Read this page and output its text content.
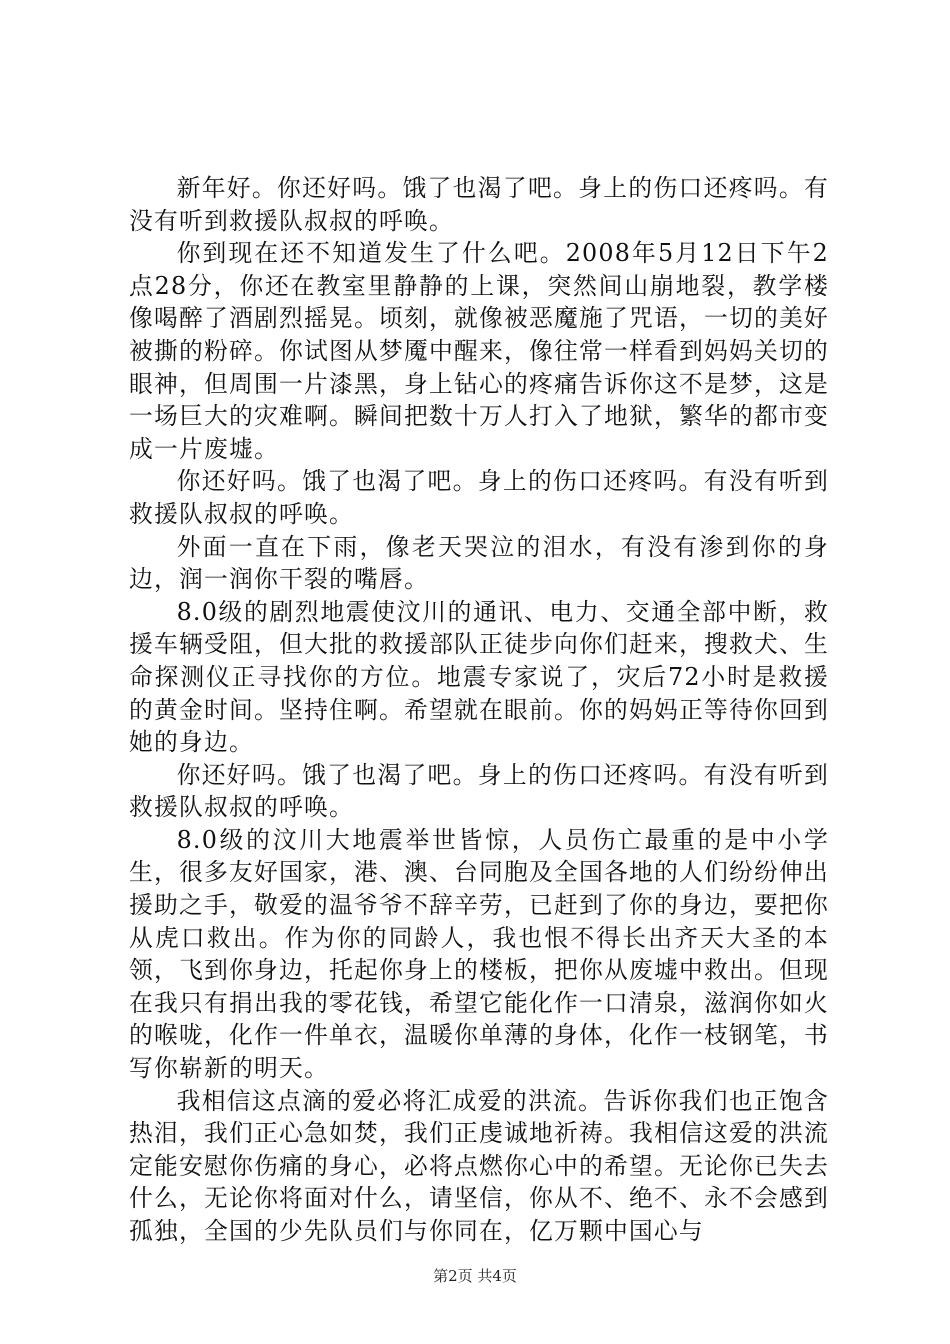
新年好。你还好吗。饿了也渴了吧。身上的伤口还疼吗。有没有听到救援队叔叔的呼唤。

你到现在还不知道发生了什么吧。2008年5月12日下午2点28分，你还在教室里静静的上课，突然间山崩地裂，教学楼像喝醉了酒剧烈摇晃。顷刻，就像被恶魔施了咒语，一切的美好被撕的粉碎。你试图从梦魇中醒来，像往常一样看到妈妈关切的眼神，但周围一片漆黑，身上钻心的疼痛告诉你这不是梦，这是一场巨大的灾难啊。瞬间把数十万人打入了地狱，繁华的都市变成一片废墟。

你还好吗。饿了也渴了吧。身上的伤口还疼吗。有没有听到救援队叔叔的呼唤。

外面一直在下雨，像老天哭泣的泪水，有没有渗到你的身边，润一润你干裂的嘴唇。

8.0级的剧烈地震使汶川的通讯、电力、交通全部中断，救援车辆受阻，但大批的救援部队正徒步向你们赶来，搜救犬、生命探测仪正寻找你的方位。地震专家说了，灾后72小时是救援的黄金时间。坚持住啊。希望就在眼前。你的妈妈正等待你回到她的身边。

你还好吗。饿了也渴了吧。身上的伤口还疼吗。有没有听到救援队叔叔的呼唤。

8.0级的汶川大地震举世皆惊，人员伤亡最重的是中小学生，很多友好国家，港、澳、台同胞及全国各地的人们纷纷伸出援助之手，敬爱的温爷爷不辞辛劳，已赶到了你的身边，要把你从虎口救出。作为你的同龄人，我也恨不得长出齐天大圣的本领，飞到你身边，托起你身上的楼板，把你从废墟中救出。但现在我只有捐出我的零花钱，希望它能化作一口清泉，滋润你如火的喉咙，化作一件单衣，温暖你单薄的身体，化作一枝钢笔，书写你崭新的明天。

我相信这点滴的爱必将汇成爱的洪流。告诉你我们也正饱含热泪，我们正心急如焚，我们正虔诚地祈祷。我相信这爱的洪流定能安慰你伤痛的身心，必将点燃你心中的希望。无论你已失去什么，无论你将面对什么，请坚信，你从不、绝不、永不会感到孤独，全国的少先队员们与你同在，亿万颗中国心与

第2页 共4页
